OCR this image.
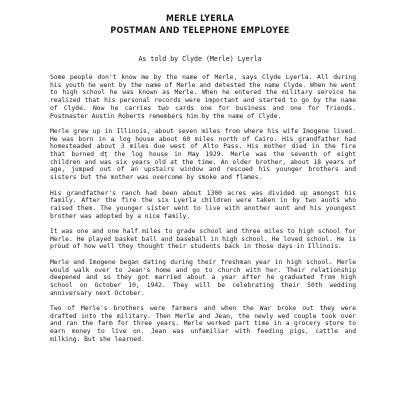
MERLE LYERLA
POSTMAN AND TELEPHONE EMPLOYEE
As told by Clyde (Merle) Lyerla

Some people don't know me by the name of Merle, says Clyde Lyerla. All during his youth he went by the name of Merle and detested the name Clyde. When he went to high school he was known as Merle. When he entered the military service he realized that his personal records were important and started to go by the name of Clyde. Now he carries two cards one for business and one for friends. Postmaster Austin Roberts remembers him by the name of Clyde.

Merle grew up in Illinois, about seven miles from where his wife Imogene lived. He was born in a log house about 60 miles north of Cairo. His grandfather had homesteaded about 3 miles due west of Alto Pass. His mother died in the fire that burned dţ the log house in May 1929. Merle was the seventh of eight children and was six years old at the time. An older brother, about 18 years of age, jumped out of an upstairs window and rescued his younger brothers and sisters but the mother was overcome by smoke and flames.

His grandfather's ranch had been about 1300 acres was divided up amongst his family. After the fire the six Lyerla children were taken in by two aunts who raised them. The younger sister went to live with another aunt and his youngest brother was adopted by a nice family.

It was one and one half miles to grade school and three miles to high school for Merle. He played basket ball and baseball in high school. He loved school. He is proud of how well they thought their students back in those days in Illinois.

Merle and Imogene began dating during their freshman year in high school. Merle would walk over to Jean's home and go to church with her. Their relationship deepened and so they got married about a year after he graduated from high school on October 10, 1942. They will be celebrating their 50th wedding anniversary next October.

Two of Merle's brothers were farmers and when the War broke out they were drafted into the military. Then Merle and Jean, the newly wed couple took over and ran the farm for three years. Merle worked part time in a grocery store to earn money to live on. Jean was unfamiliar with feeding pigs, cattle and milking. But she learned.
